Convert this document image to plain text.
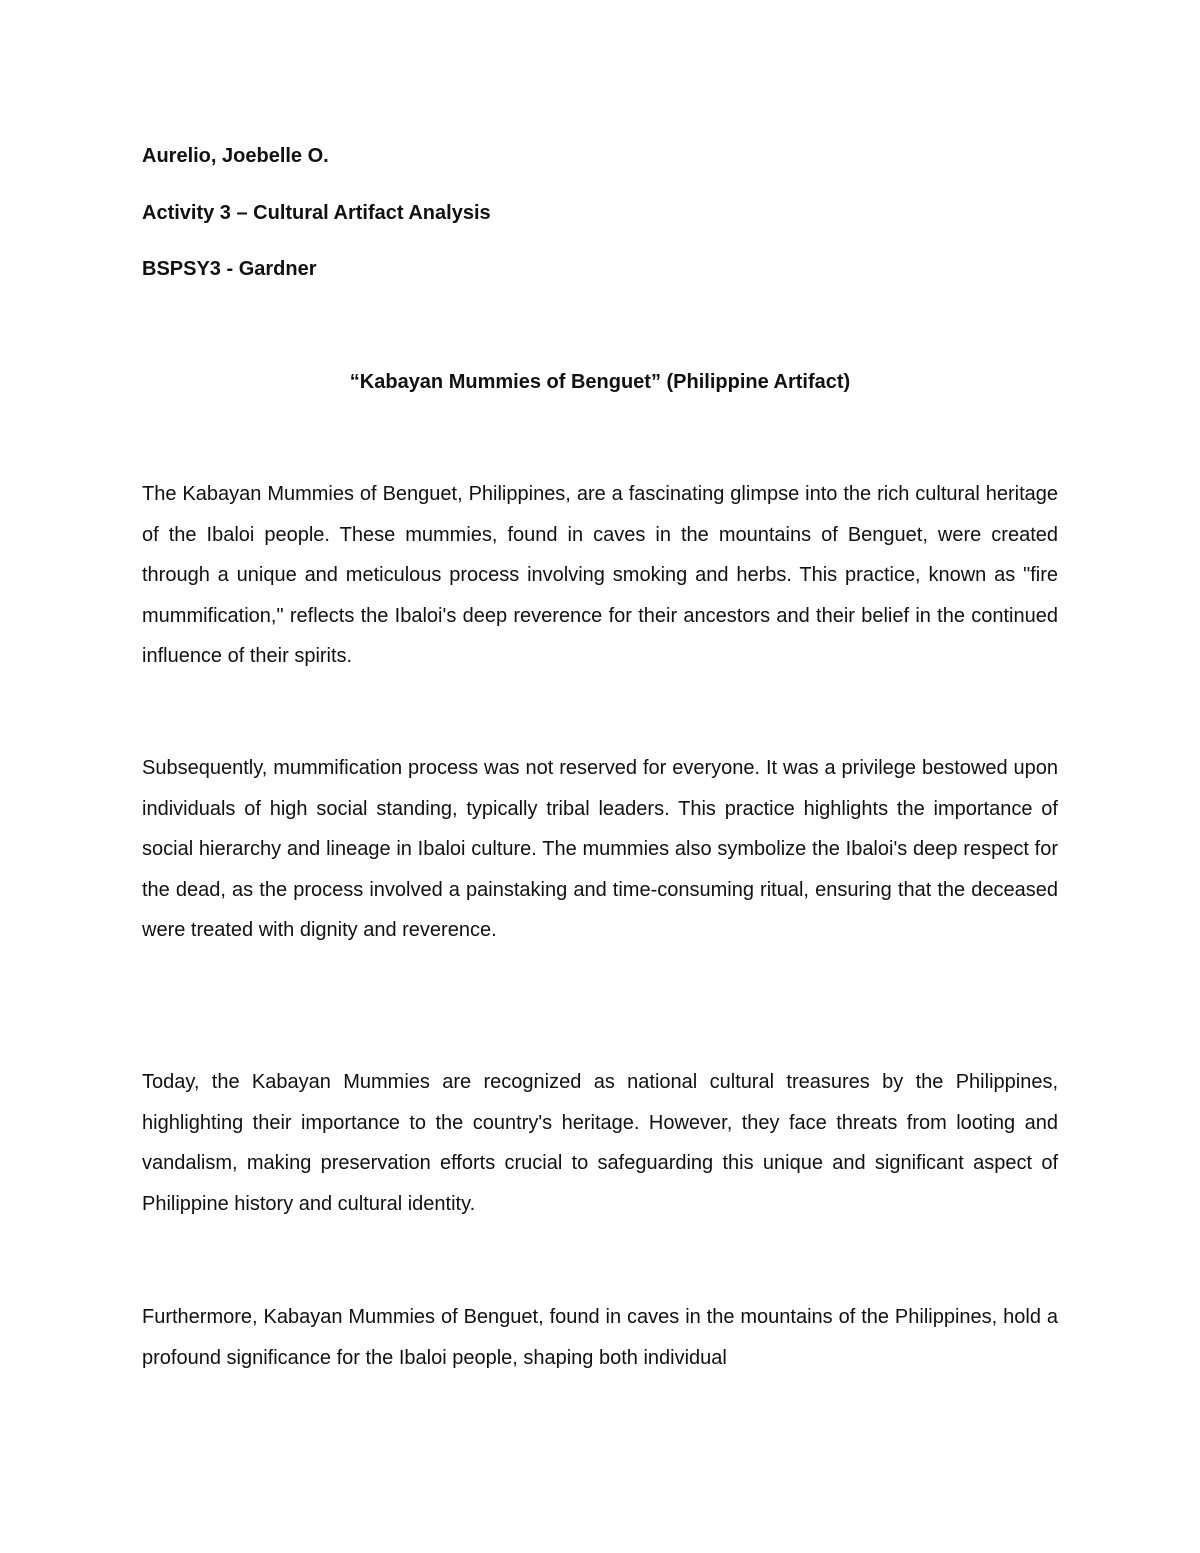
Aurelio, Joebelle O.
Activity 3 – Cultural Artifact Analysis
BSPSY3 - Gardner
“Kabayan Mummies of Benguet” (Philippine Artifact)

The Kabayan Mummies of Benguet, Philippines, are a fascinating glimpse into the rich cultural heritage of the Ibaloi people. These mummies, found in caves in the mountains of Benguet, were created through a unique and meticulous process involving smoking and herbs. This practice, known as "fire mummification," reflects the Ibaloi's deep reverence for their ancestors and their belief in the continued influence of their spirits.

Subsequently, mummification process was not reserved for everyone. It was a privilege bestowed upon individuals of high social standing, typically tribal leaders. This practice highlights the importance of social hierarchy and lineage in Ibaloi culture. The mummies also symbolize the Ibaloi's deep respect for the dead, as the process involved a painstaking and time-consuming ritual, ensuring that the deceased were treated with dignity and reverence.

Today, the Kabayan Mummies are recognized as national cultural treasures by the Philippines, highlighting their importance to the country's heritage. However, they face threats from looting and vandalism, making preservation efforts crucial to safeguarding this unique and significant aspect of Philippine history and cultural identity.

Furthermore, Kabayan Mummies of Benguet, found in caves in the mountains of the Philippines, hold a profound significance for the Ibaloi people, shaping both individual
